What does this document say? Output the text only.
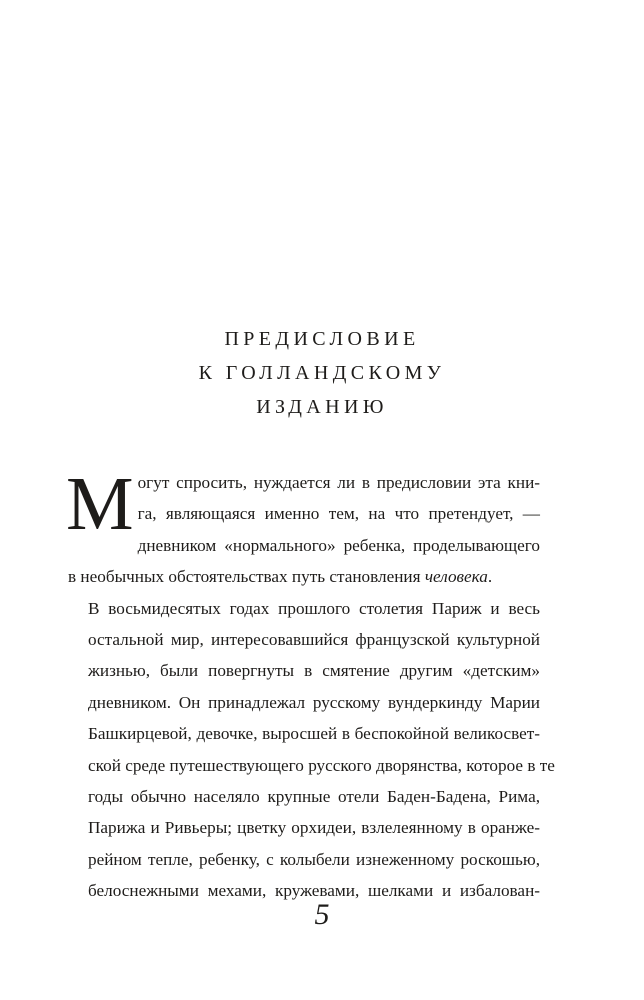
ПРЕДИСЛОВИЕ
К ГОЛЛАНДСКОМУ
ИЗДАНИЮ
М огут спросить, нуждается ли в предисловии эта кни-
га, являющаяся именно тем, на что претендует, —
дневником «нормального» ребенка, проделывающего
в необычных обстоятельствах путь становления человека.
В восьмидесятых годах прошлого столетия Париж и весь
остальной мир, интересовавшийся французской культурной
жизнью, были повергнуты в смятение другим «детским»
дневником. Он принадлежал русскому вундеркинду Марии
Башкирцевой, девочке, выросшей в беспокойной великосвет-
ской среде путешествующего русского дворянства, которое в те
годы обычно населяло крупные отели Баден-Бадена, Рима,
Парижа и Ривьеры; цветку орхидеи, взлелеянному в оранже-
рейном тепле, ребенку, с колыбели изнеженному роскошью,
белоснежными мехами, кружевами, шелками и избалован-
5
